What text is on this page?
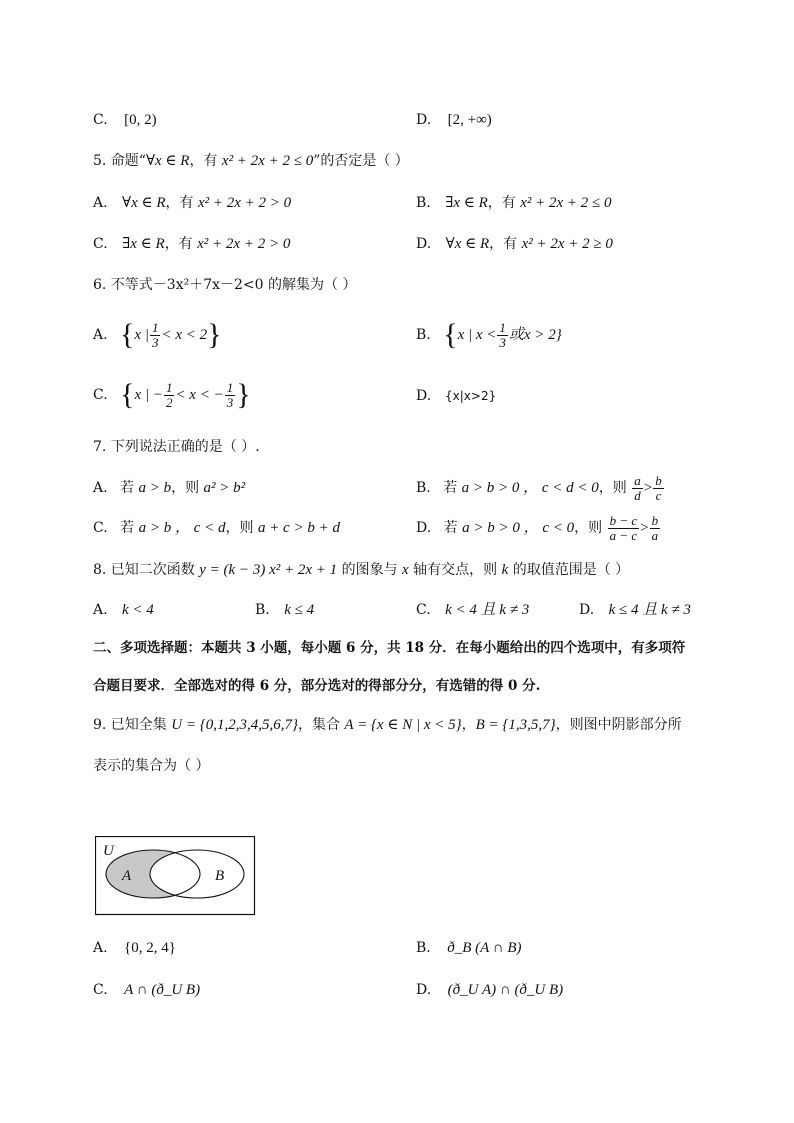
C. [0, 2)	D. [2, +∞)
5. 命题“∀x ∈ R，有 x² + 2x + 2 ≤ 0”的否定是（ ）
A. ∀x ∈ R，有 x² + 2x + 2 > 0	B. ∃x ∈ R，有 x² + 2x + 2 ≤ 0
C. ∃x ∈ R，有 x² + 2x + 2 > 0	D. ∀x ∈ R，有 x² + 2x + 2 ≥ 0
6. 不等式－3x²＋7x－2<0 的解集为（ ）
A. {x | $\frac{1}{3} < x < 2$}	B. {x | $x < \frac{1}{3}$ 或x > 2}
C. {x | − $\frac{1}{2} < x$ < − $\frac{1}{3}$ }	D. {x|x>2}
7. 下列说法正确的是（ ）.
A. 若 a > b，则 a² > b²	B. 若 a > b > 0 ， c < d < 0，则 $\frac{a}{d} > \frac{b}{c}$
C. 若 a > b ， c < d，则 a + c > b + d	D. 若 a > b > 0 ， c < 0，则 $\frac{b - c}{a - c} > \frac{b}{a}$
8. 已知二次函数 y = (k − 3) x² + 2x + 1 的图象与 x 轴有交点，则 k 的取值范围是（ ）
A. k < 4	B. k ≤ 4	C. k < 4 且 k ≠ 3	D. k ≤ 4 且 k ≠ 3
二、多项选择题：本题共 3 小题，每小题 6 分，共 18 分．在每小题给出的四个选项中，有多项符
合题目要求．全部选对的得 6 分，部分选对的得部分分，有选错的得 0 分.
9. 已知全集 U = {0,1,2,3,4,5,6,7}，集合 A = {x ∈ N | x < 5}，B = {1,3,5,7}，则图中阴影部分所
表示的集合为（ ）
U
A	B
A. {0, 2, 4}	B. ð_B (A ∩ B)
C. A ∩ (ð_U B)	D. (ð_U A) ∩ (ð_U B)
